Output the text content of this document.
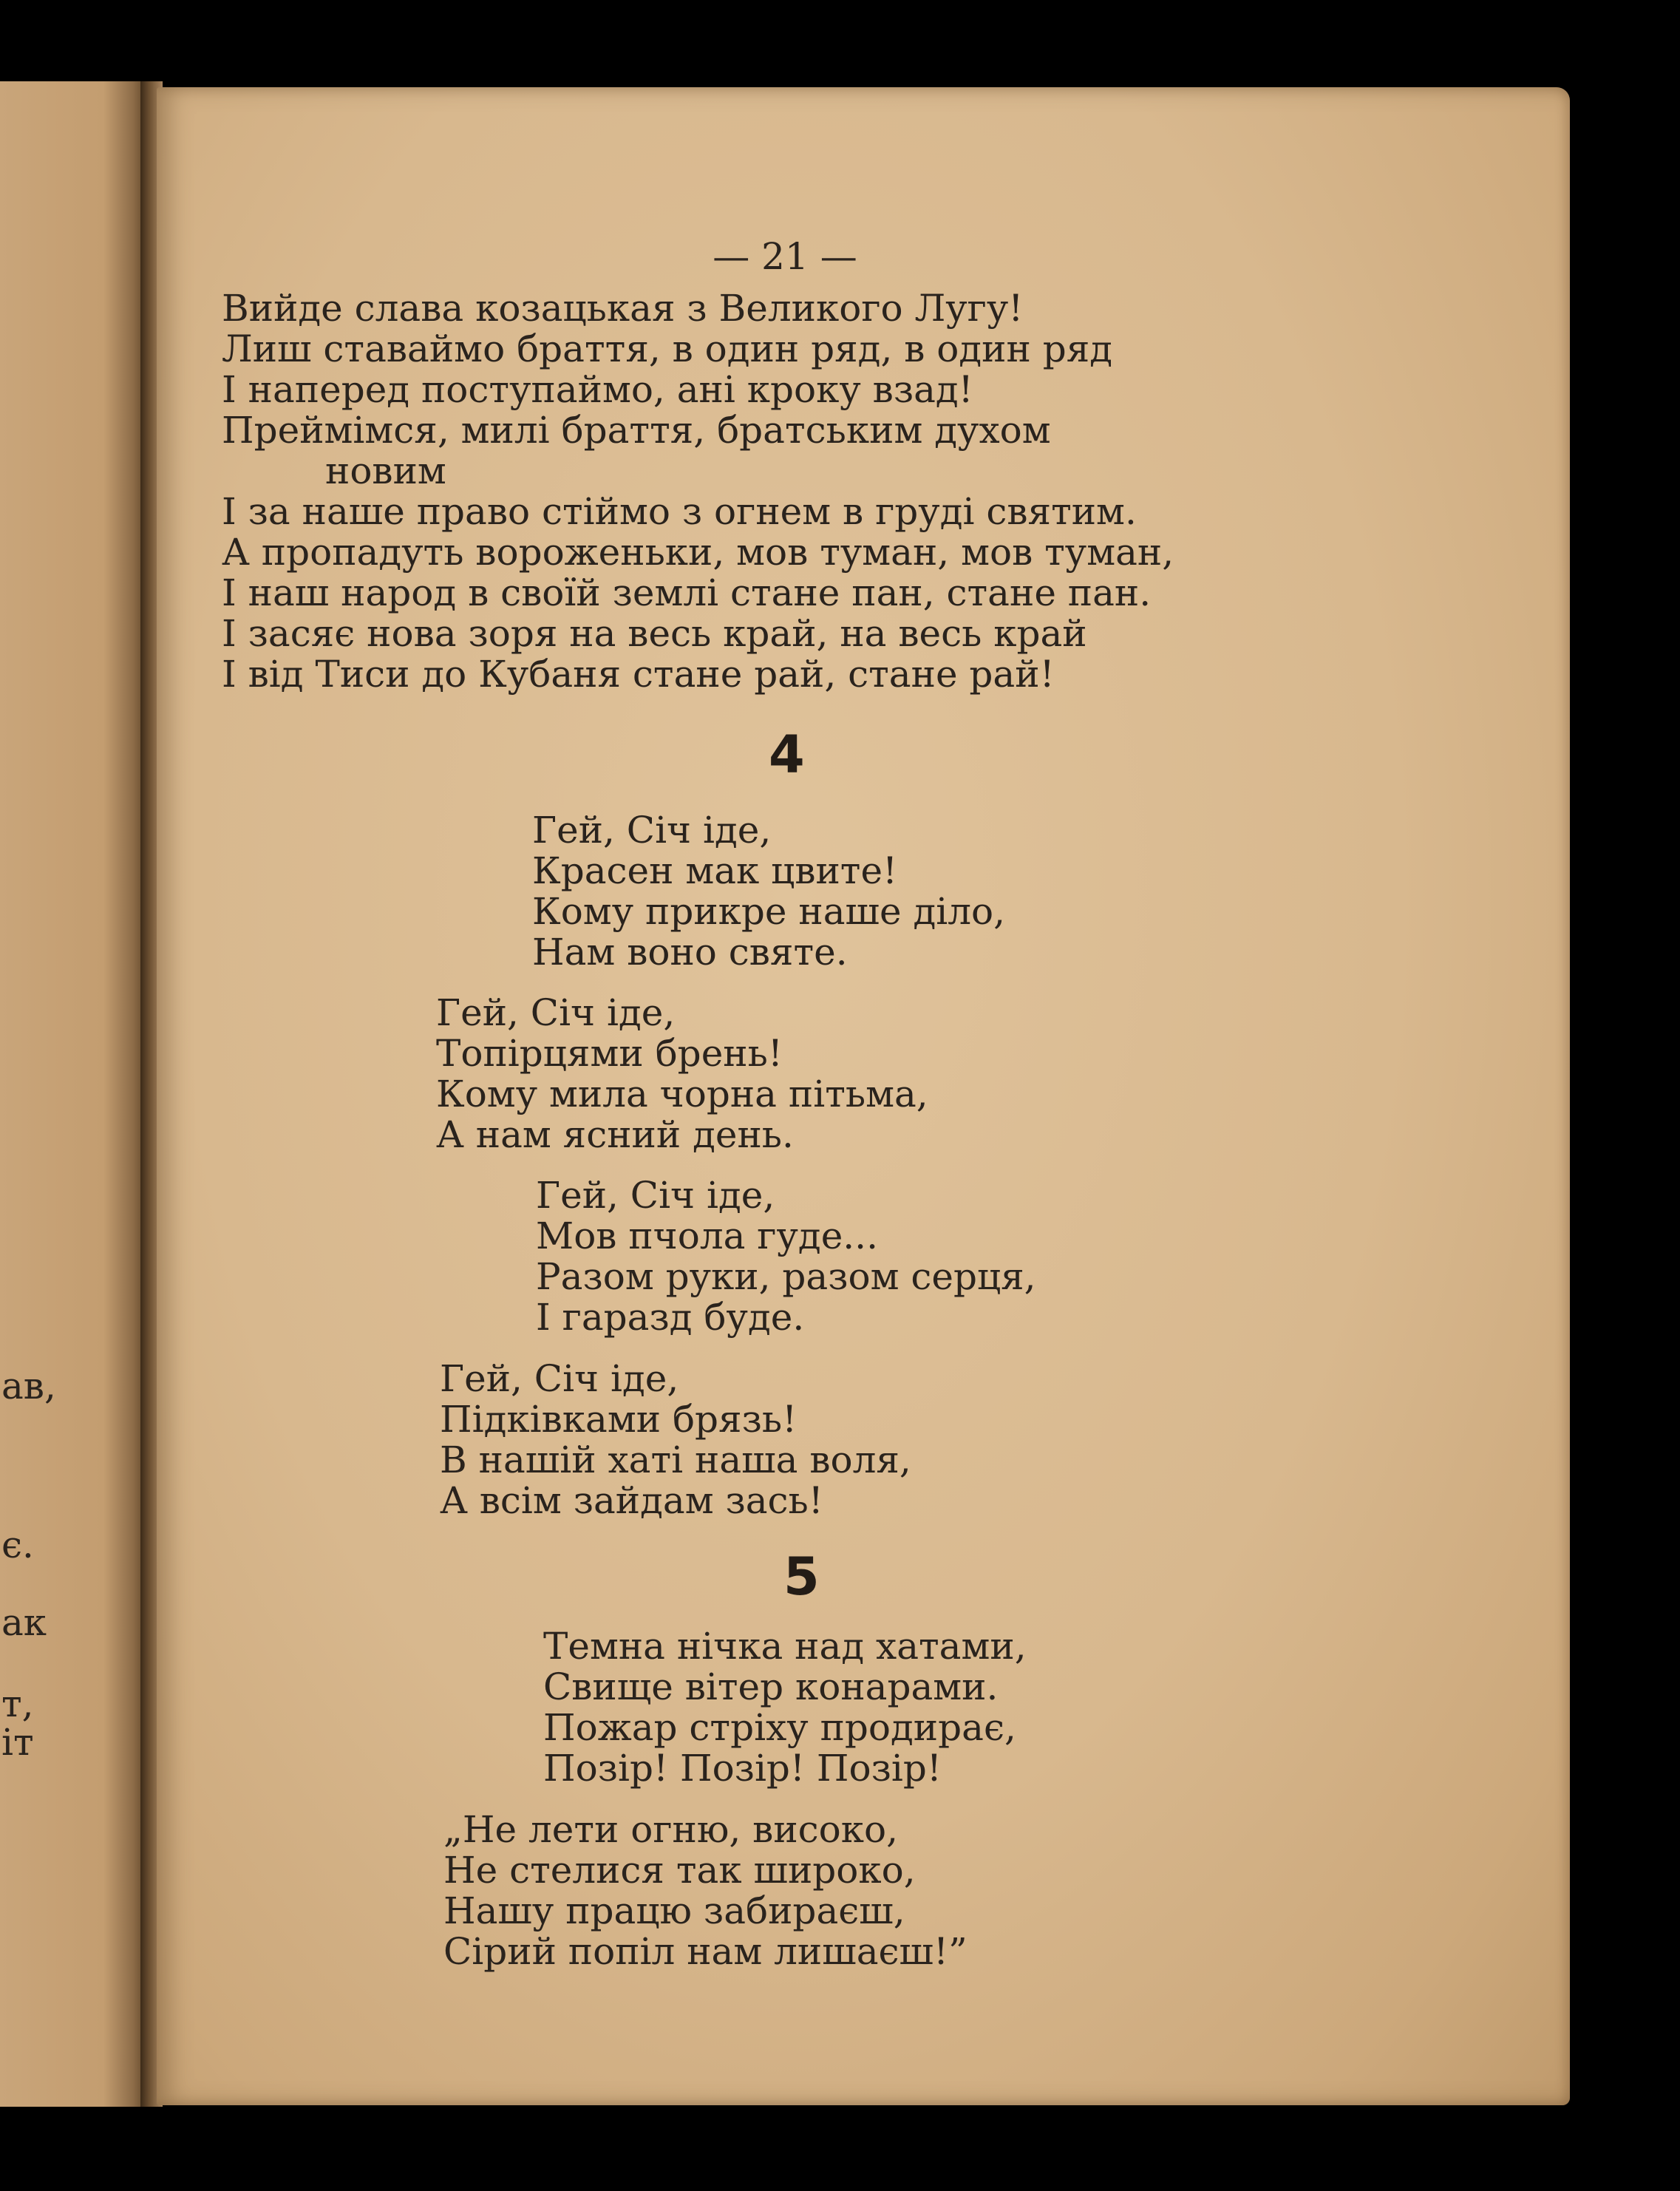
ав,

є.

ак

т,

іт

— 21 —

Вийде слава козацькая з Великого Лугу!
Лиш ставаймо браття, в один ряд, в один ряд
І наперед поступаймо, ані кроку взад!
Преймімся, милі браття, братським духом
новим
І за наше право стіймо з огнем в груді святим.
А пропадуть вороженьки, мов туман, мов туман,
І наш народ в своїй землі стане пан, стане пан.
І засяє нова зоря на весь край, на весь край
І від Тиси до Кубаня стане рай, стане рай!

4

Гей, Січ іде,
Красен мак цвите!
Кому прикре наше діло,
Нам воно святе.
Гей, Січ іде,
Топірцями брень!
Кому мила чорна пітьма,
А нам ясний день.
Гей, Січ іде,
Мов пчола гуде...
Разом руки, разом серця,
І гаразд буде.
Гей, Січ іде,
Підківками брязь!
В нашій хаті наша воля,
А всім зайдам зась!

5

Темна нічка над хатами,
Свище вітер конарами.
Пожар стріху продирає,
Позір! Позір! Позір!
„Не лети огню, високо,
Не стелися так широко,
Нашу працю забираєш,
Сірий попіл нам лишаєш!”
